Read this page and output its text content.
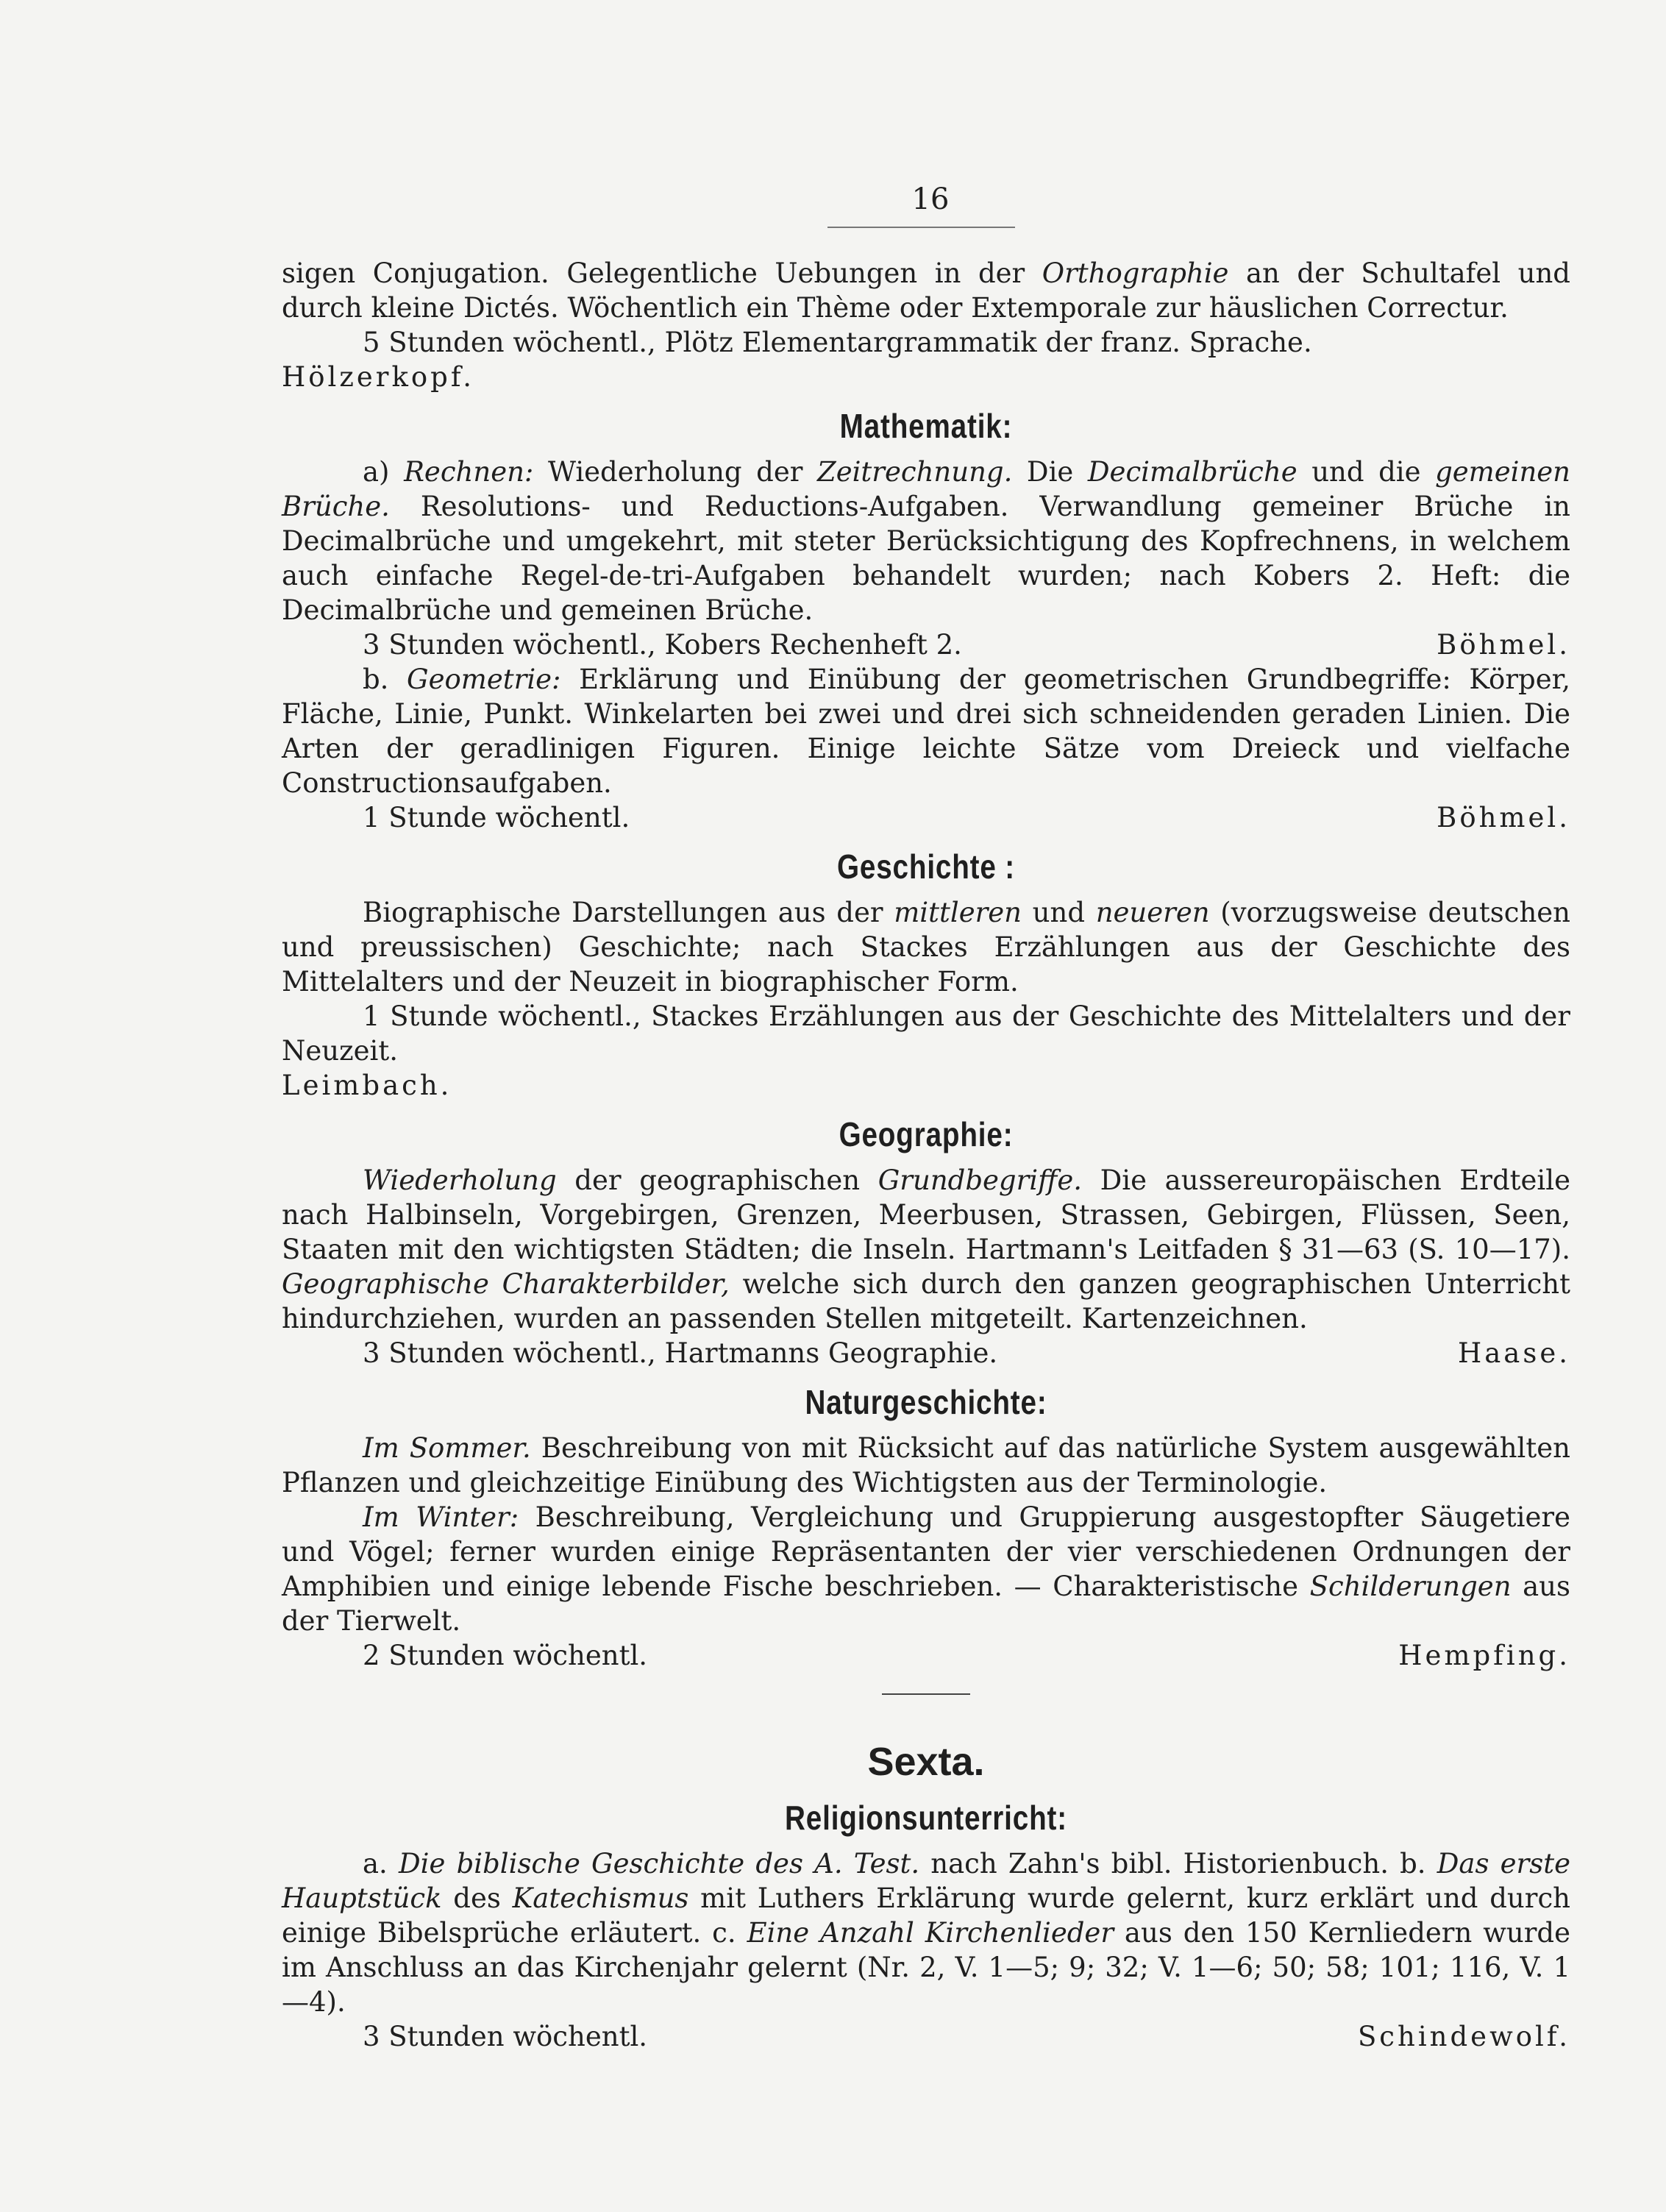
16

sigen Conjugation. Gelegentliche Uebungen in der Orthographie an der Schultafel und durch kleine Dictés. Wöchentlich ein Thème oder Extemporale zur häuslichen Correctur.

5 Stunden wöchentl., Plötz Elementargrammatik der franz. Sprache.

Hölzerkopf.

Mathematik:

a) Rechnen: Wiederholung der Zeitrechnung. Die Decimalbrüche und die gemeinen Brüche. Resolutions- und Reductions-Aufgaben. Verwandlung gemeiner Brüche in Decimalbrüche und umgekehrt, mit steter Berücksichtigung des Kopfrechnens, in welchem auch einfache Regel-de-tri-Aufgaben behandelt wurden; nach Kobers 2. Heft: die Decimalbrüche und gemeinen Brüche.

3 Stunden wöchentl., Kobers Rechenheft 2.	Böhmel.

b. Geometrie: Erklärung und Einübung der geometrischen Grundbegriffe: Körper, Fläche, Linie, Punkt. Winkelarten bei zwei und drei sich schneidenden geraden Linien. Die Arten der geradlinigen Figuren. Einige leichte Sätze vom Dreieck und vielfache Constructionsaufgaben.

1 Stunde wöchentl.	Böhmel.

Geschichte :

Biographische Darstellungen aus der mittleren und neueren (vorzugsweise deutschen und preussischen) Geschichte; nach Stackes Erzählungen aus der Geschichte des Mittelalters und der Neuzeit in biographischer Form.

1 Stunde wöchentl., Stackes Erzählungen aus der Geschichte des Mittelalters und der Neuzeit.

Leimbach.

Geographie:

Wiederholung der geographischen Grundbegriffe. Die aussereuropäischen Erdteile nach Halbinseln, Vorgebirgen, Grenzen, Meerbusen, Strassen, Gebirgen, Flüssen, Seen, Staaten mit den wichtigsten Städten; die Inseln. Hartmann's Leitfaden § 31—63 (S. 10—17). Geographische Charakterbilder, welche sich durch den ganzen geographischen Unterricht hindurchziehen, wurden an passenden Stellen mitgeteilt. Kartenzeichnen.

3 Stunden wöchentl., Hartmanns Geographie.	Haase.

Naturgeschichte:

Im Sommer. Beschreibung von mit Rücksicht auf das natürliche System ausgewählten Pflanzen und gleichzeitige Einübung des Wichtigsten aus der Terminologie.

Im Winter: Beschreibung, Vergleichung und Gruppierung ausgestopfter Säugetiere und Vögel; ferner wurden einige Repräsentanten der vier verschiedenen Ordnungen der Amphibien und einige lebende Fische beschrieben. — Charakteristische Schilderungen aus der Tierwelt.

2 Stunden wöchentl.	Hempfing.

Sexta.
Religionsunterricht:

a. Die biblische Geschichte des A. Test. nach Zahn's bibl. Historienbuch. b. Das erste Hauptstück des Katechismus mit Luthers Erklärung wurde gelernt, kurz erklärt und durch einige Bibelsprüche erläutert. c. Eine Anzahl Kirchenlieder aus den 150 Kernliedern wurde im Anschluss an das Kirchenjahr gelernt (Nr. 2, V. 1—5; 9; 32; V. 1—6; 50; 58; 101; 116, V. 1—4).

3 Stunden wöchentl.	Schindewolf.
